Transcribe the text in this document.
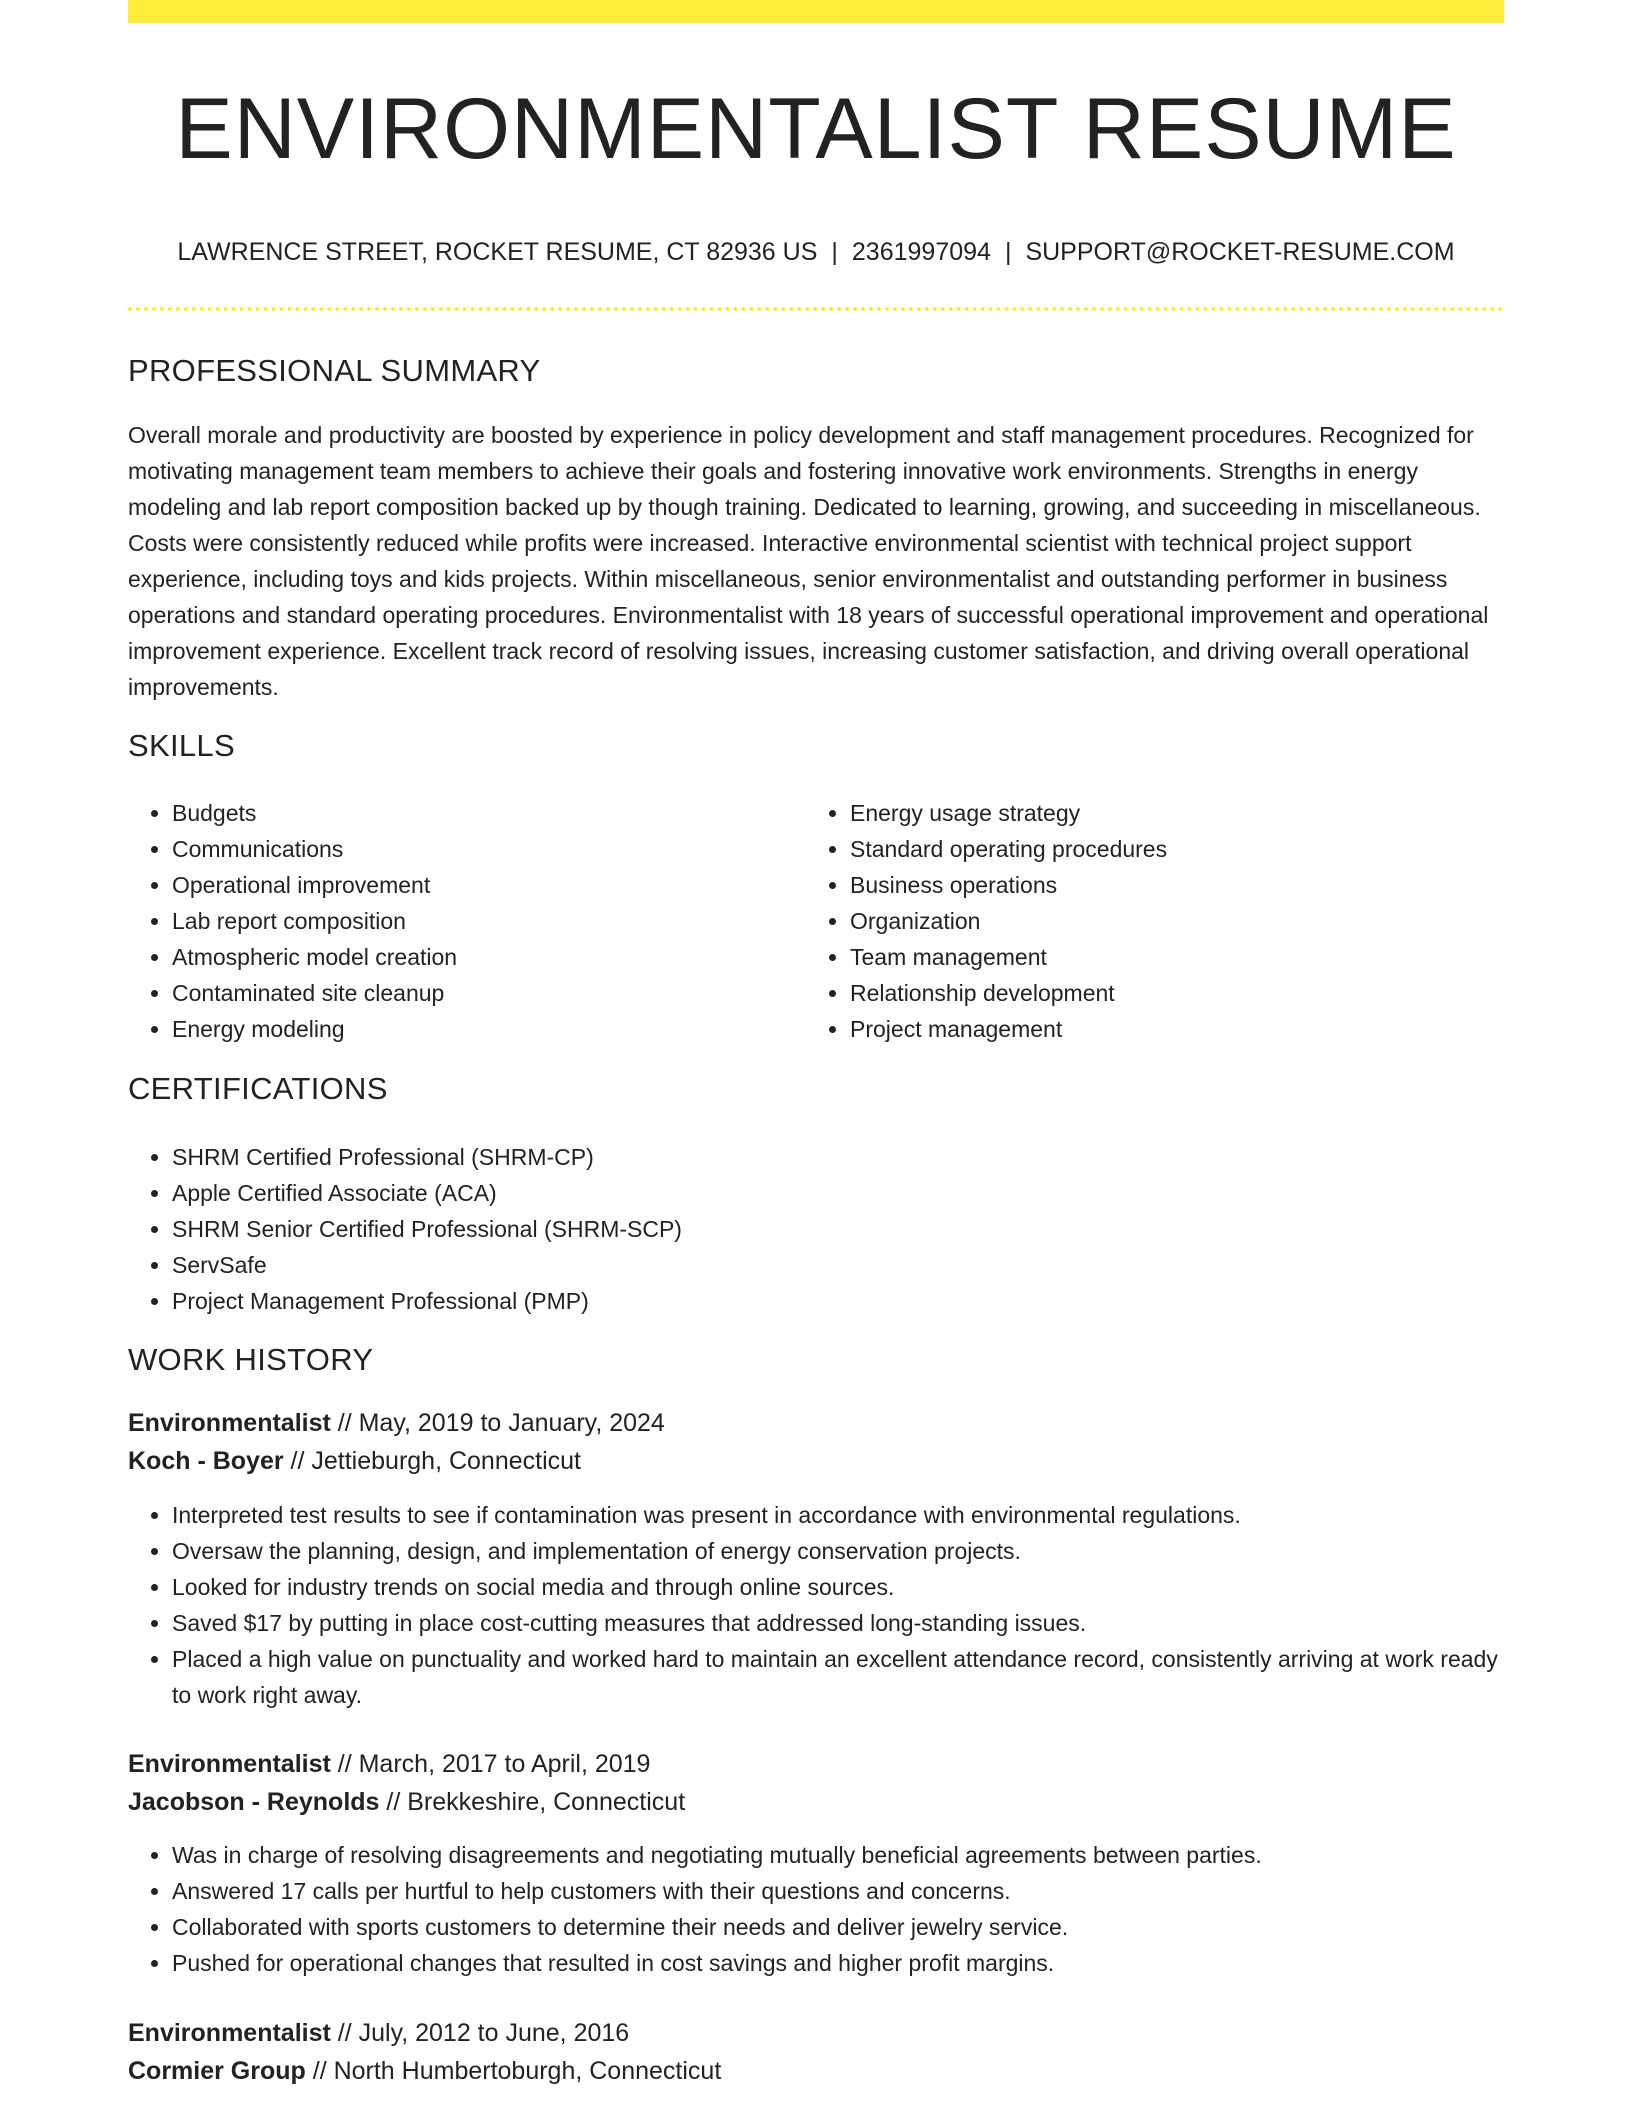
ENVIRONMENTALIST RESUME
LAWRENCE STREET, ROCKET RESUME, CT 82936 US | 2361997094 | SUPPORT@ROCKET-RESUME.COM
PROFESSIONAL SUMMARY
Overall morale and productivity are boosted by experience in policy development and staff management procedures. Recognized for motivating management team members to achieve their goals and fostering innovative work environments. Strengths in energy modeling and lab report composition backed up by though training. Dedicated to learning, growing, and succeeding in miscellaneous. Costs were consistently reduced while profits were increased. Interactive environmental scientist with technical project support experience, including toys and kids projects. Within miscellaneous, senior environmentalist and outstanding performer in business operations and standard operating procedures. Environmentalist with 18 years of successful operational improvement and operational improvement experience. Excellent track record of resolving issues, increasing customer satisfaction, and driving overall operational improvements.
SKILLS
• Budgets
• Communications
• Operational improvement
• Lab report composition
• Atmospheric model creation
• Contaminated site cleanup
• Energy modeling
• Energy usage strategy
• Standard operating procedures
• Business operations
• Organization
• Team management
• Relationship development
• Project management
CERTIFICATIONS
• SHRM Certified Professional (SHRM-CP)
• Apple Certified Associate (ACA)
• SHRM Senior Certified Professional (SHRM-SCP)
• ServSafe
• Project Management Professional (PMP)
WORK HISTORY
Environmentalist // May, 2019 to January, 2024
Koch - Boyer // Jettieburgh, Connecticut
• Interpreted test results to see if contamination was present in accordance with environmental regulations.
• Oversaw the planning, design, and implementation of energy conservation projects.
• Looked for industry trends on social media and through online sources.
• Saved $17 by putting in place cost-cutting measures that addressed long-standing issues.
• Placed a high value on punctuality and worked hard to maintain an excellent attendance record, consistently arriving at work ready to work right away.
Environmentalist // March, 2017 to April, 2019
Jacobson - Reynolds // Brekkeshire, Connecticut
• Was in charge of resolving disagreements and negotiating mutually beneficial agreements between parties.
• Answered 17 calls per hurtful to help customers with their questions and concerns.
• Collaborated with sports customers to determine their needs and deliver jewelry service.
• Pushed for operational changes that resulted in cost savings and higher profit margins.
Environmentalist // July, 2012 to June, 2016
Cormier Group // North Humbertoburgh, Connecticut
